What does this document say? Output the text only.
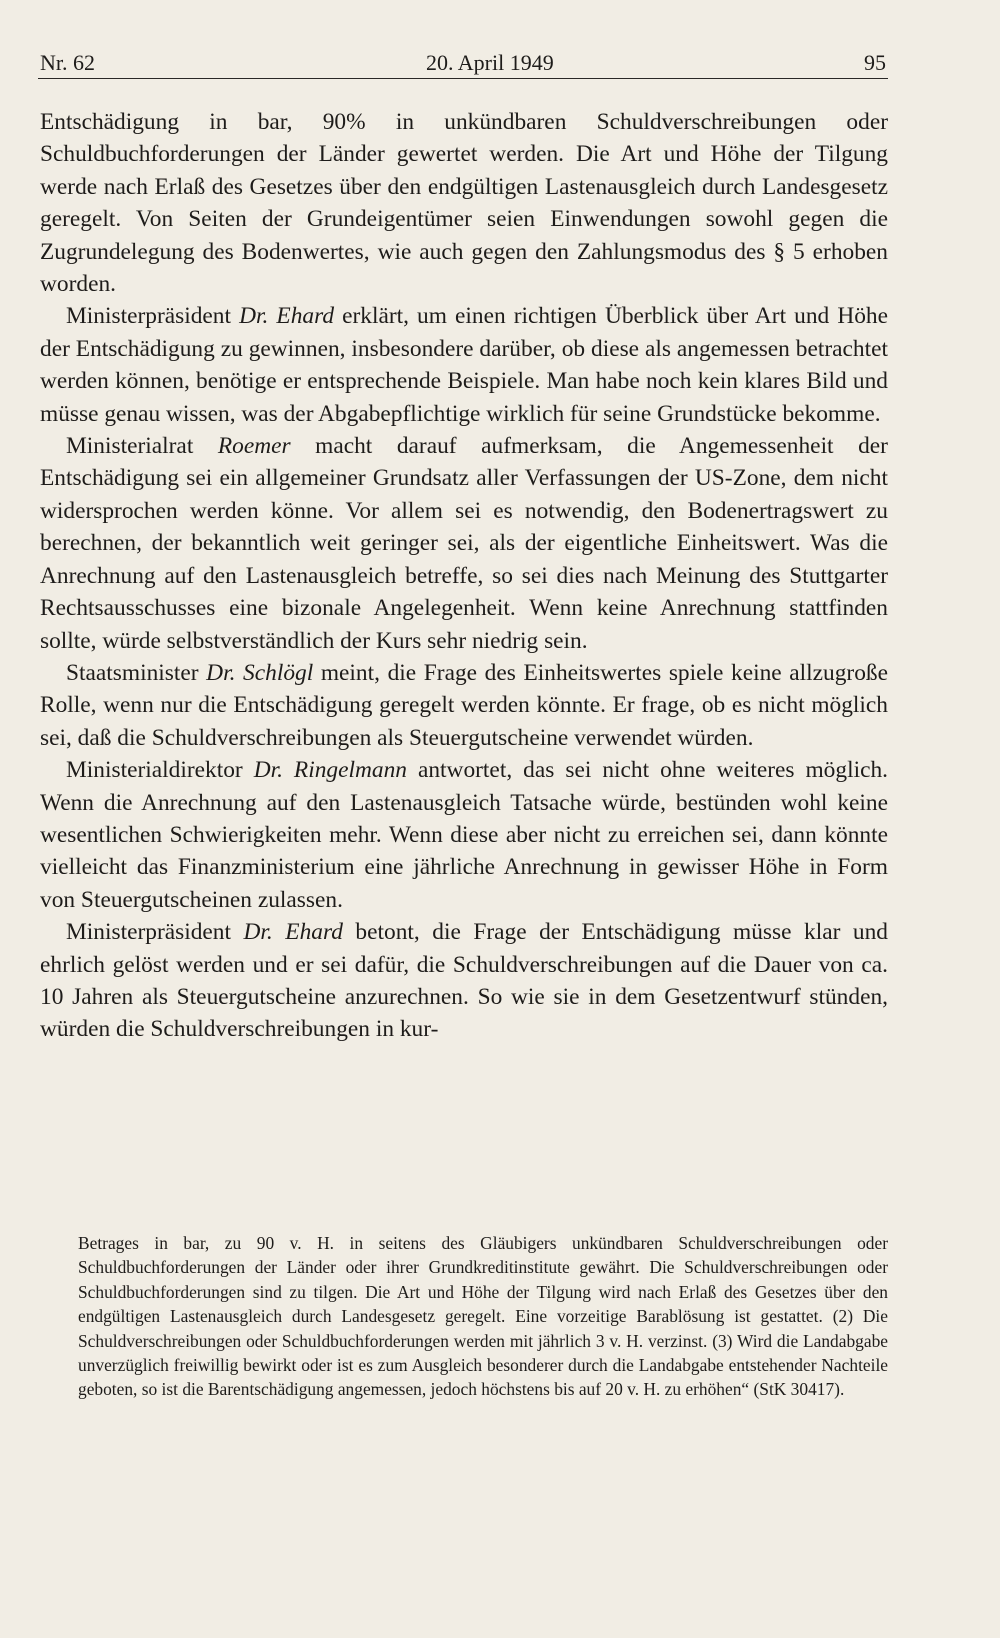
Nr. 62	20. April 1949	95

Entschädigung in bar, 90% in unkündbaren Schuldverschreibungen oder Schuldbuchforderungen der Länder gewertet werden. Die Art und Höhe der Tilgung werde nach Erlaß des Gesetzes über den endgültigen Lastenausgleich durch Landesgesetz geregelt. Von Seiten der Grundeigentümer seien Einwendungen sowohl gegen die Zugrundelegung des Bodenwertes, wie auch gegen den Zahlungsmodus des § 5 erhoben worden.

Ministerpräsident Dr. Ehard erklärt, um einen richtigen Überblick über Art und Höhe der Entschädigung zu gewinnen, insbesondere darüber, ob diese als angemessen betrachtet werden können, benötige er entsprechende Beispiele. Man habe noch kein klares Bild und müsse genau wissen, was der Abgabepflichtige wirklich für seine Grundstücke bekomme.

Ministerialrat Roemer macht darauf aufmerksam, die Angemessenheit der Entschädigung sei ein allgemeiner Grundsatz aller Verfassungen der US-Zone, dem nicht widersprochen werden könne. Vor allem sei es notwendig, den Bodenertragswert zu berechnen, der bekanntlich weit geringer sei, als der eigentliche Einheitswert. Was die Anrechnung auf den Lastenausgleich betreffe, so sei dies nach Meinung des Stuttgarter Rechtsausschusses eine bizonale Angelegenheit. Wenn keine Anrechnung stattfinden sollte, würde selbstverständlich der Kurs sehr niedrig sein.

Staatsminister Dr. Schlögl meint, die Frage des Einheitswertes spiele keine allzugroße Rolle, wenn nur die Entschädigung geregelt werden könnte. Er frage, ob es nicht möglich sei, daß die Schuldverschreibungen als Steuergutscheine verwendet würden.

Ministerialdirektor Dr. Ringelmann antwortet, das sei nicht ohne weiteres möglich. Wenn die Anrechnung auf den Lastenausgleich Tatsache würde, bestünden wohl keine wesentlichen Schwierigkeiten mehr. Wenn diese aber nicht zu erreichen sei, dann könnte vielleicht das Finanzministerium eine jährliche Anrechnung in gewisser Höhe in Form von Steuergutscheinen zulassen.

Ministerpräsident Dr. Ehard betont, die Frage der Entschädigung müsse klar und ehrlich gelöst werden und er sei dafür, die Schuldverschreibungen auf die Dauer von ca. 10 Jahren als Steuergutscheine anzurechnen. So wie sie in dem Gesetzentwurf stünden, würden die Schuldverschreibungen in kur-

Betrages in bar, zu 90 v. H. in seitens des Gläubigers unkündbaren Schuldverschreibungen oder Schuldbuchforderungen der Länder oder ihrer Grundkreditinstitute gewährt. Die Schuldverschreibungen oder Schuldbuchforderungen sind zu tilgen. Die Art und Höhe der Tilgung wird nach Erlaß des Gesetzes über den endgültigen Lastenausgleich durch Landesgesetz geregelt. Eine vorzeitige Barablösung ist gestattet. (2) Die Schuldverschreibungen oder Schuldbuchforderungen werden mit jährlich 3 v. H. verzinst. (3) Wird die Landabgabe unverzüglich freiwillig bewirkt oder ist es zum Ausgleich besonderer durch die Landabgabe entstehender Nachteile geboten, so ist die Barentschädigung angemessen, jedoch höchstens bis auf 20 v. H. zu erhöhen“ (StK 30417).
